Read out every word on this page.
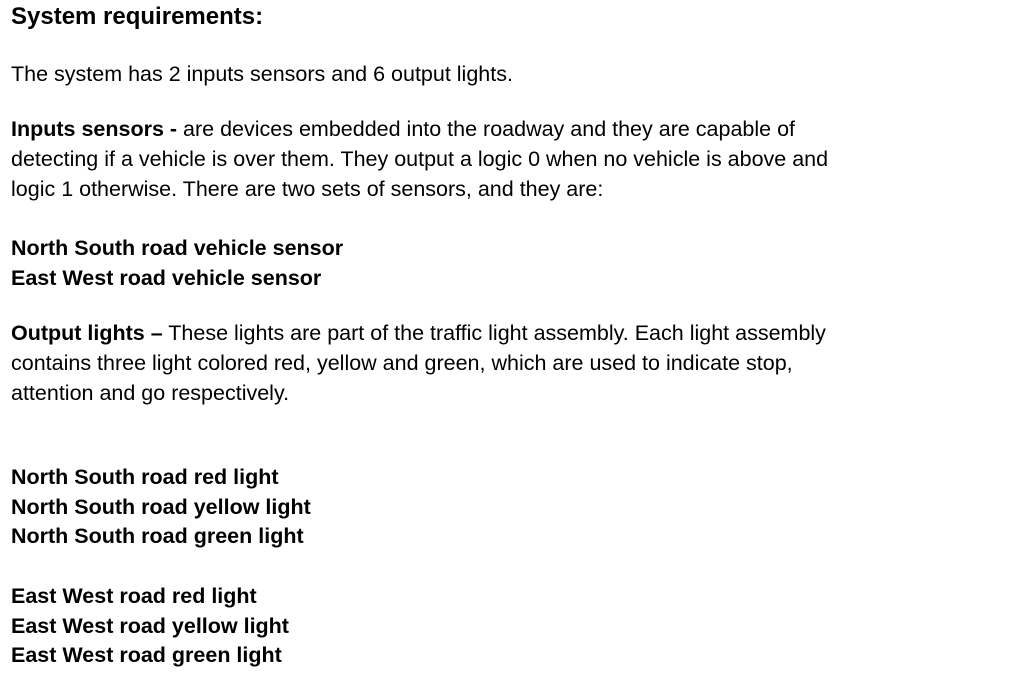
System requirements:

The system has 2 inputs sensors and 6 output lights.

Inputs sensors - are devices embedded into the roadway and they are capable of
detecting if a vehicle is over them. They output a logic 0 when no vehicle is above and
logic 1 otherwise. There are two sets of sensors, and they are:

North South road vehicle sensor
East West road vehicle sensor

Output lights – These lights are part of the traffic light assembly. Each light assembly
contains three light colored red, yellow and green, which are used to indicate stop,
attention and go respectively.

North South road red light
North South road yellow light
North South road green light
East West road red light
East West road yellow light
East West road green light
